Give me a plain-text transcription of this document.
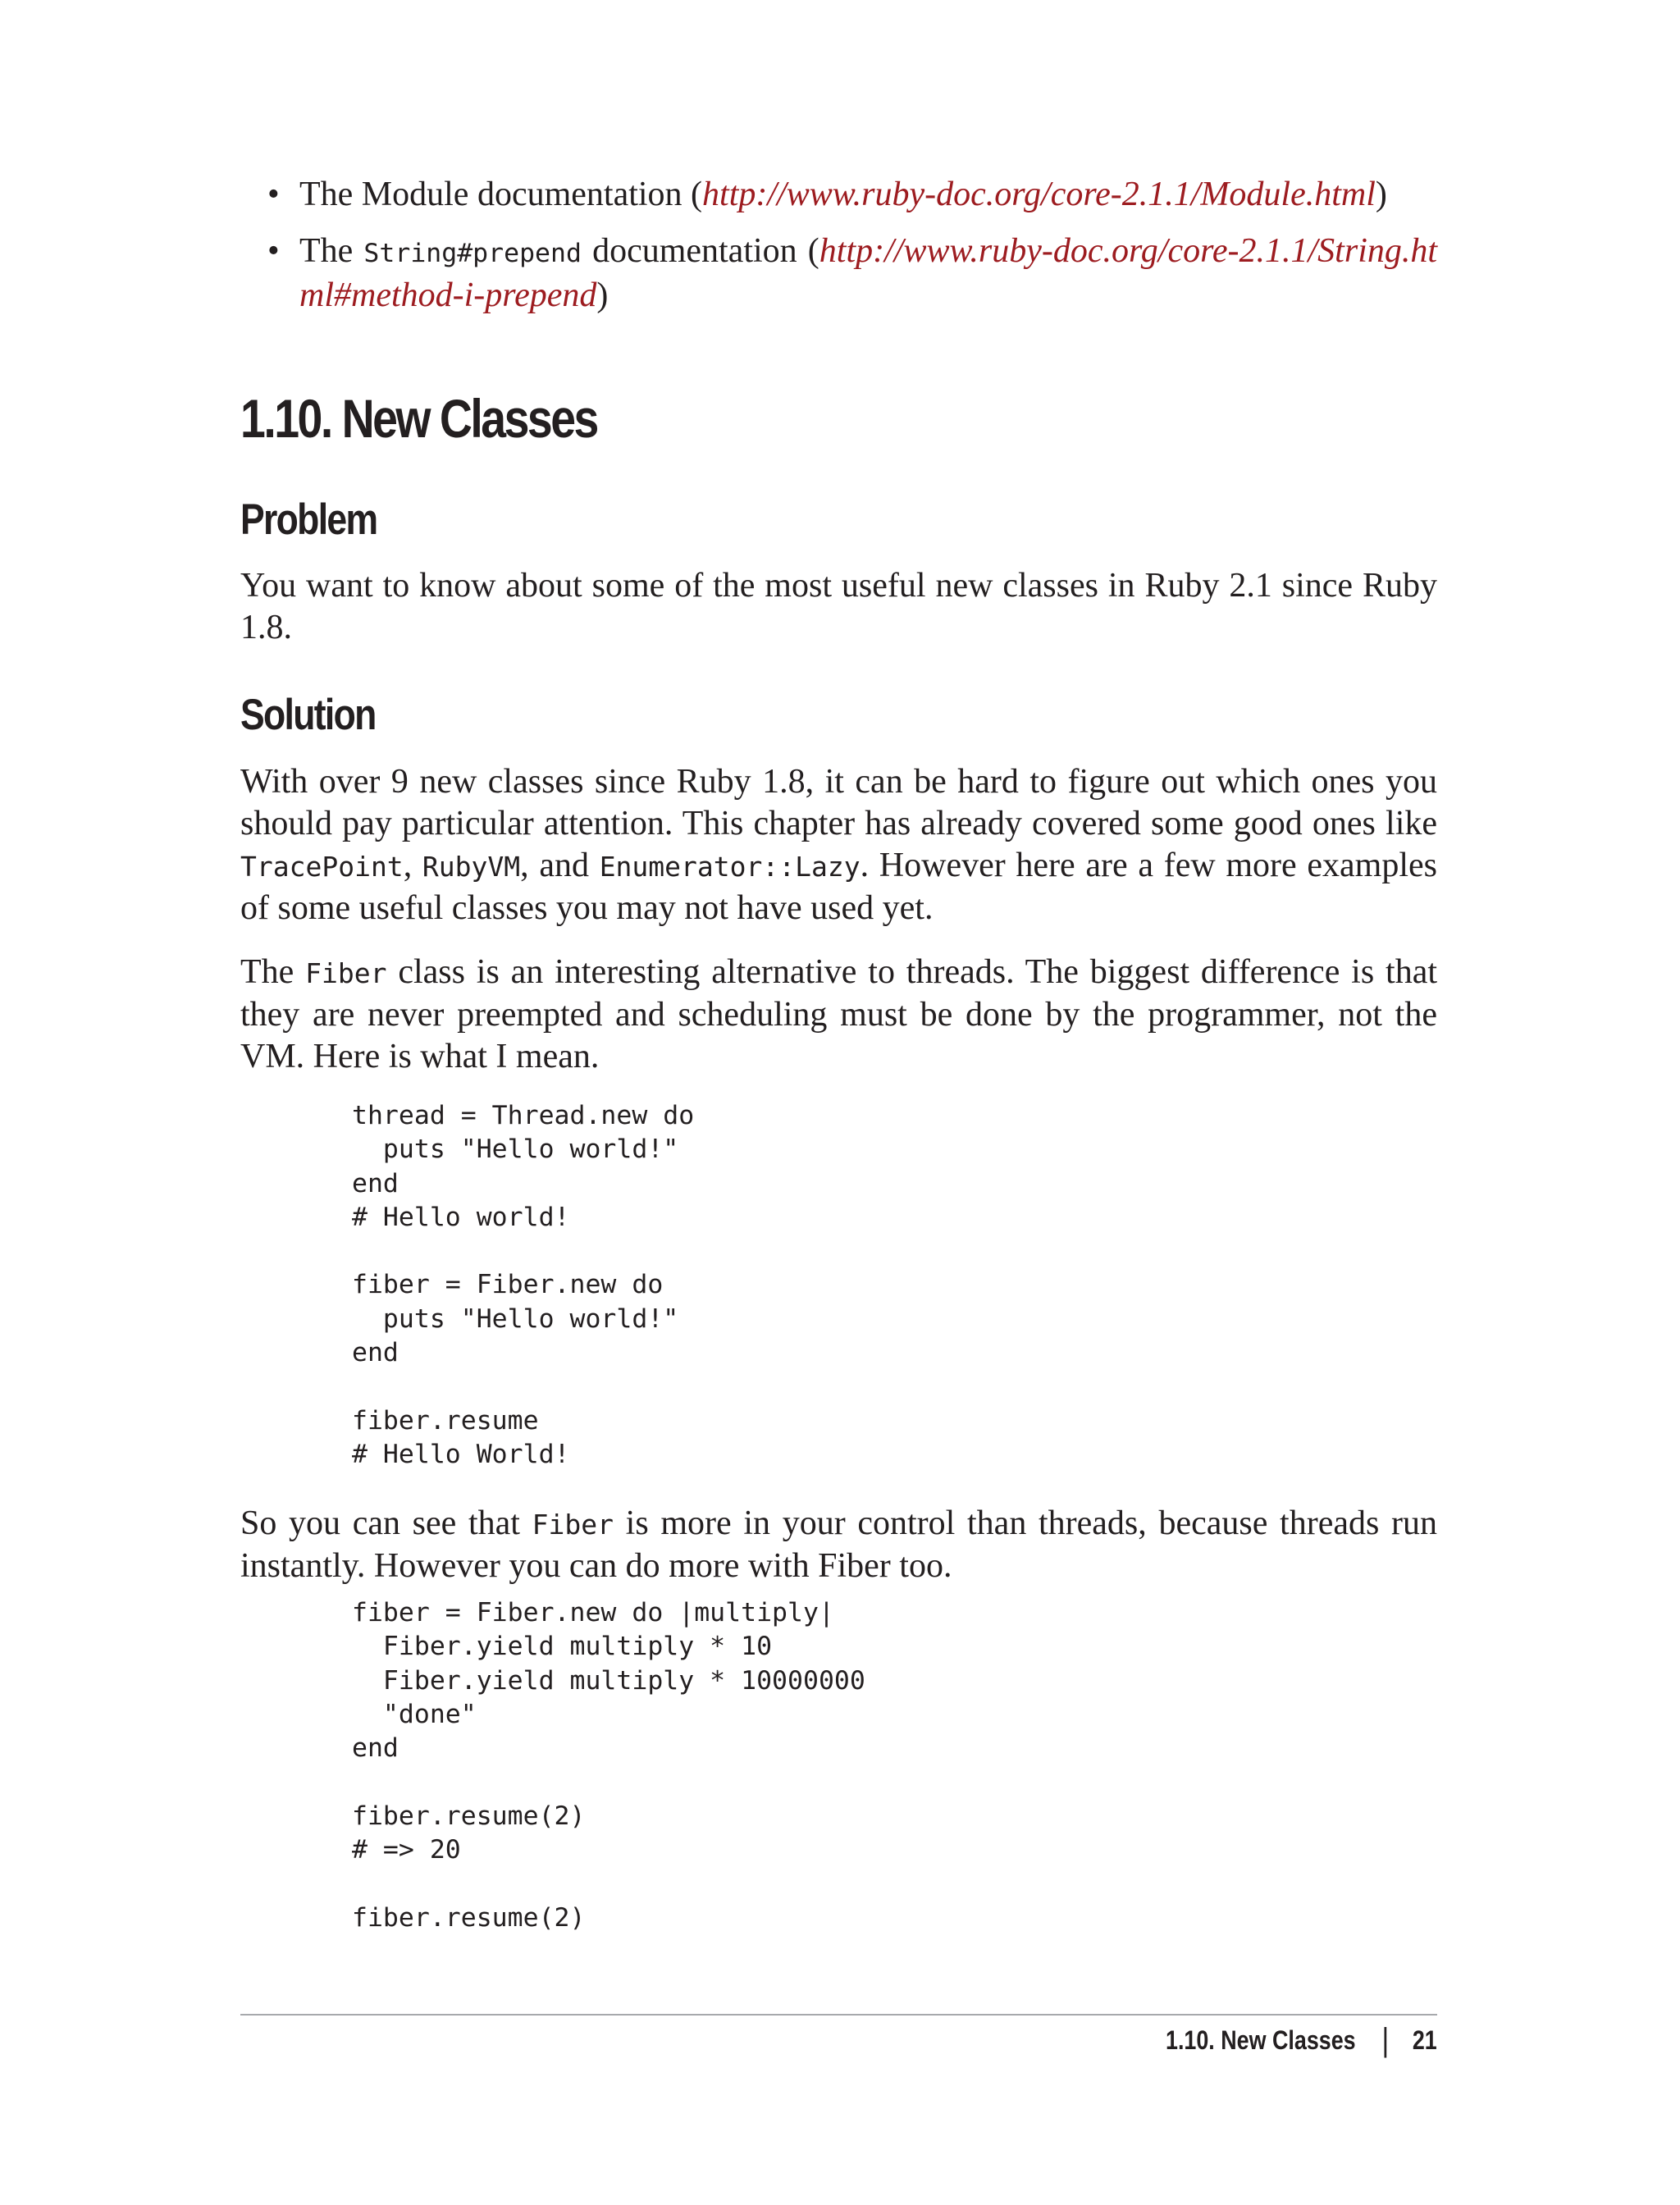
• The Module documentation (http://www.ruby-doc.org/core-2.1.1/Module.html)
• The String#prepend documentation (http://www.ruby-doc.org/core-2.1.1/String.html#method-i-prepend)
1.10. New Classes
Problem

You want to know about some of the most useful new classes in Ruby 2.1 since Ruby 1.8.

Solution

With over 9 new classes since Ruby 1.8, it can be hard to figure out which ones you should pay particular attention. This chapter has already covered some good ones like TracePoint, RubyVM, and Enumerator::Lazy. However here are a few more examples of some useful classes you may not have used yet.

The Fiber class is an interesting alternative to threads. The biggest difference is that they are never preempted and scheduling must be done by the programmer, not the VM. Here is what I mean.

thread = Thread.new do
puts "Hello world!"
end
# Hello world!

fiber = Fiber.new do
puts "Hello world!"
end

fiber.resume
# Hello World!

So you can see that Fiber is more in your control than threads, because threads run instantly. However you can do more with Fiber too.

fiber = Fiber.new do |multiply|
Fiber.yield multiply * 10
Fiber.yield multiply * 10000000
"done"
end

fiber.resume(2)
# => 20

fiber.resume(2)
1.10. New Classes | 21
